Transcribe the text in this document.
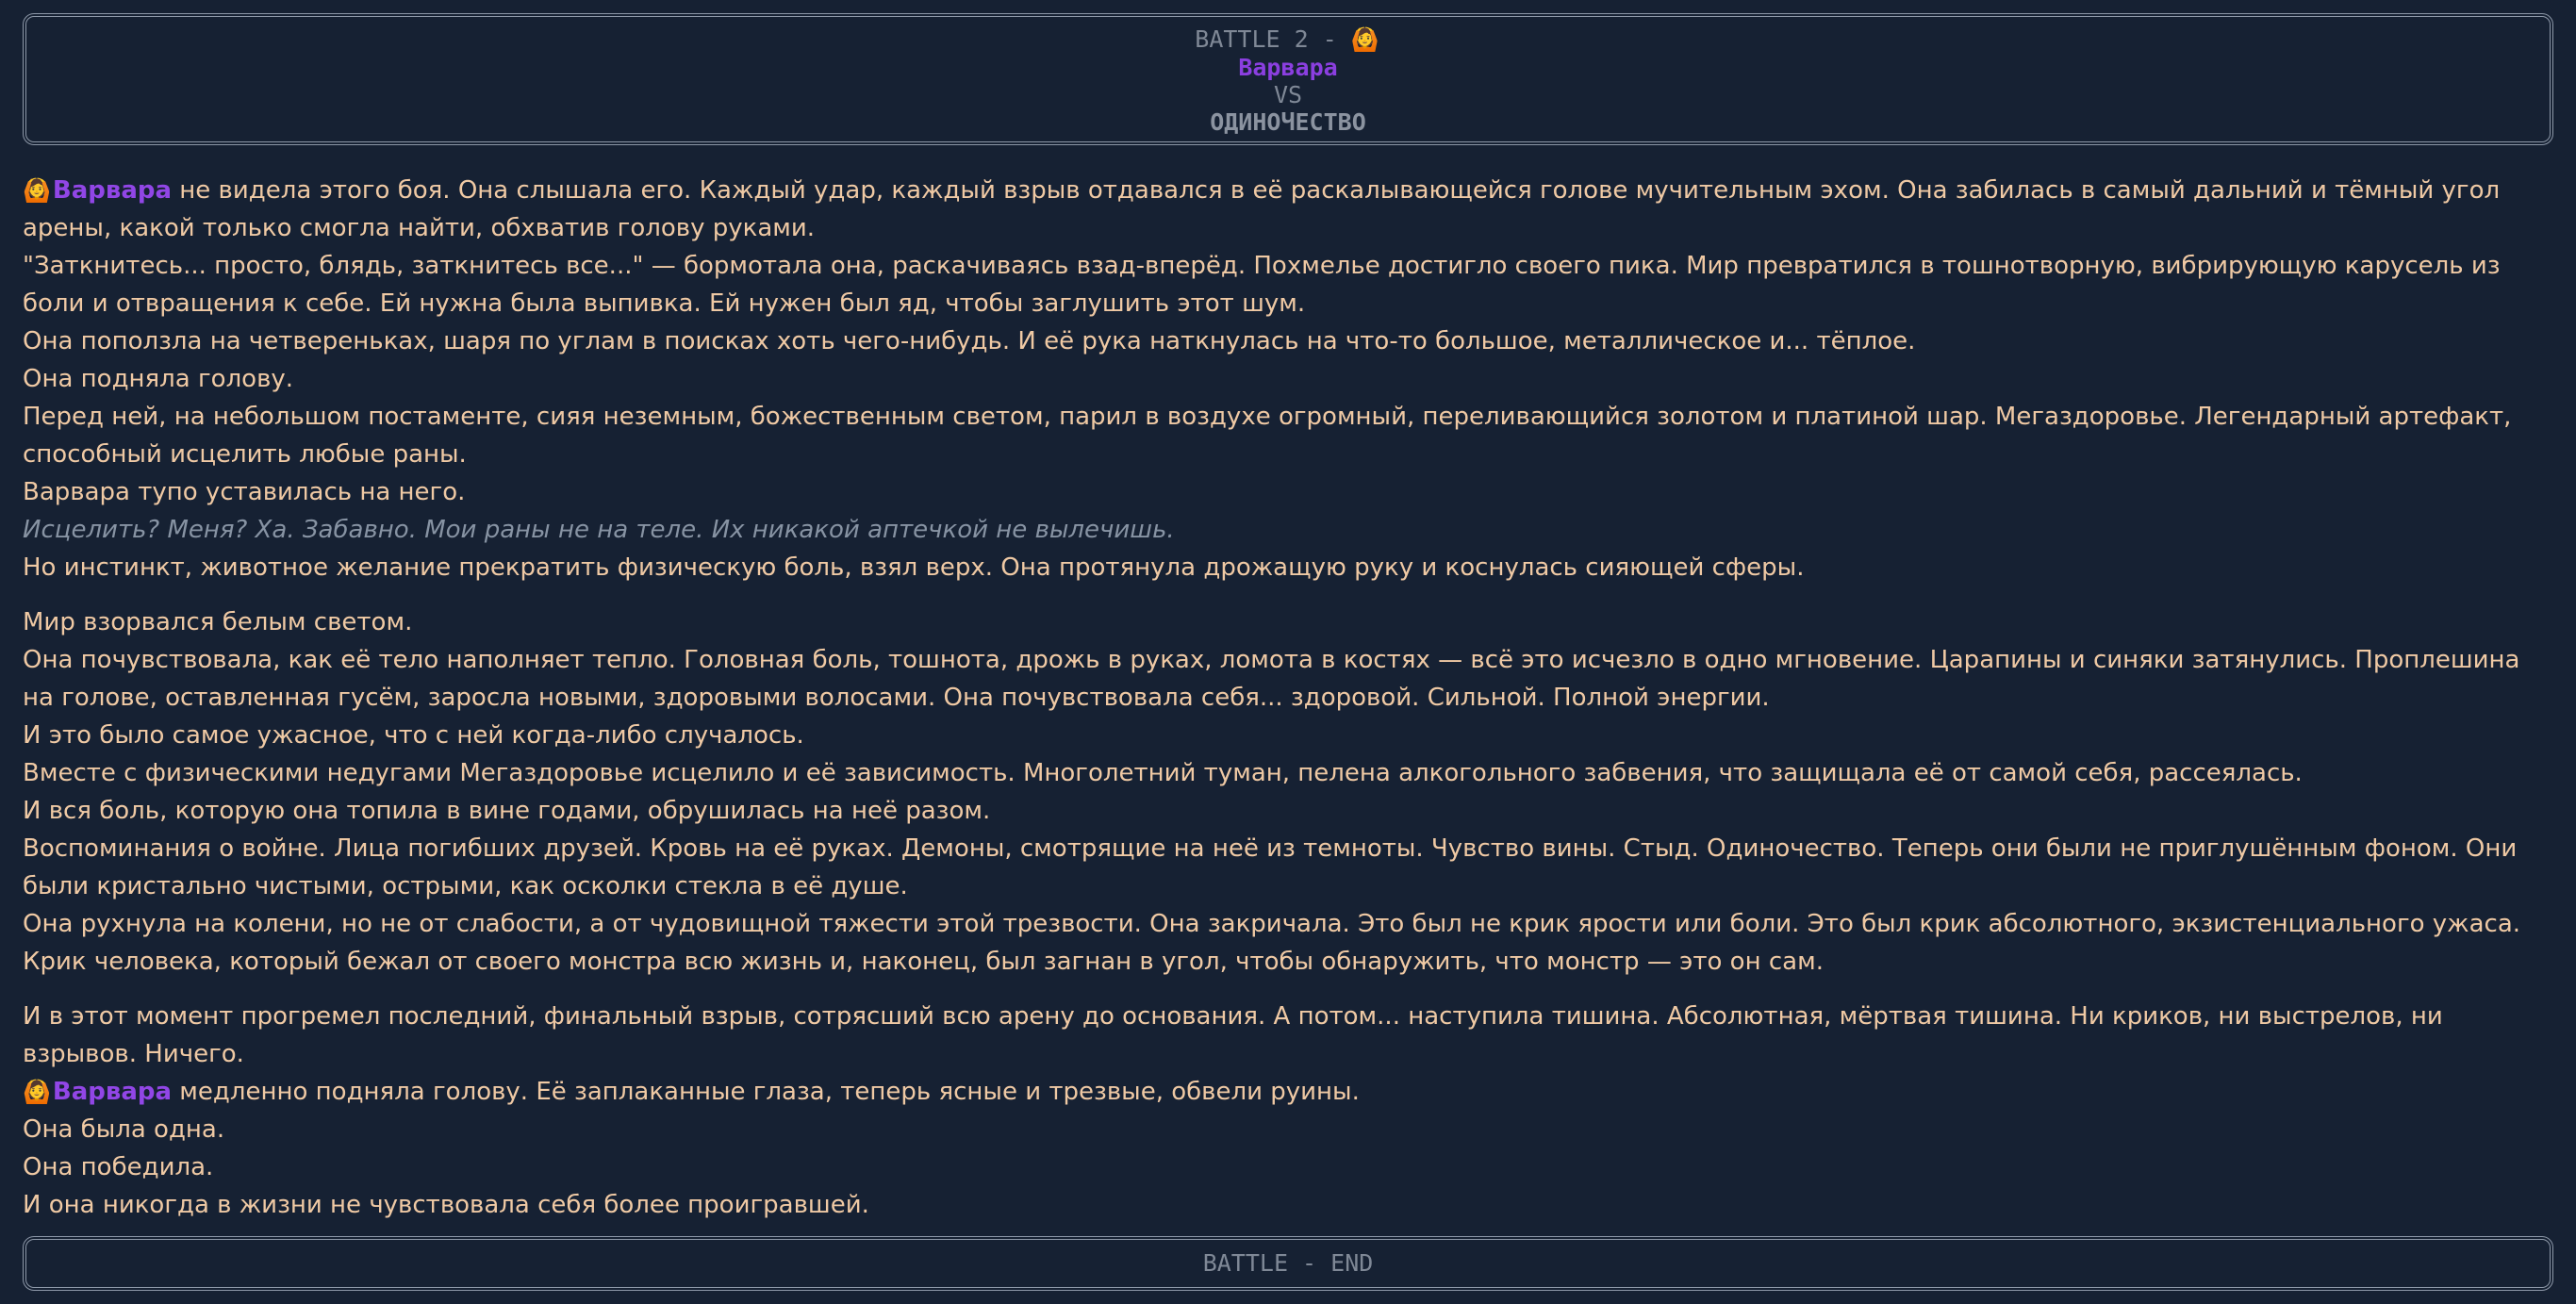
BATTLE 2 - 🙆
Варвара
VS
ОДИНОЧЕСТВО

🙆Варвара не видела этого боя. Она слышала его. Каждый удар, каждый взрыв отдавался в её раскалывающейся голове мучительным эхом. Она забилась в самый дальний и тёмный угол арены, какой только смогла найти, обхватив голову руками.

"Заткнитесь... просто, блядь, заткнитесь все..." — бормотала она, раскачиваясь взад-вперёд. Похмелье достигло своего пика. Мир превратился в тошнотворную, вибрирующую карусель из боли и отвращения к себе. Ей нужна была выпивка. Ей нужен был яд, чтобы заглушить этот шум.

Она поползла на четвереньках, шаря по углам в поисках хоть чего-нибудь. И её рука наткнулась на что-то большое, металлическое и... тёплое.

Она подняла голову.

Перед ней, на небольшом постаменте, сияя неземным, божественным светом, парил в воздухе огромный, переливающийся золотом и платиной шар. Мегаздоровье. Легендарный артефакт, способный исцелить любые раны.

Варвара тупо уставилась на него.

Исцелить? Меня? Ха. Забавно. Мои раны не на теле. Их никакой аптечкой не вылечишь.

Но инстинкт, животное желание прекратить физическую боль, взял верх. Она протянула дрожащую руку и коснулась сияющей сферы.

Мир взорвался белым светом.

Она почувствовала, как её тело наполняет тепло. Головная боль, тошнота, дрожь в руках, ломота в костях — всё это исчезло в одно мгновение. Царапины и синяки затянулись. Проплешина на голове, оставленная гусём, заросла новыми, здоровыми волосами. Она почувствовала себя... здоровой. Сильной. Полной энергии.

И это было самое ужасное, что с ней когда-либо случалось.

Вместе с физическими недугами Мегаздоровье исцелило и её зависимость. Многолетний туман, пелена алкогольного забвения, что защищала её от самой себя, рассеялась.

И вся боль, которую она топила в вине годами, обрушилась на неё разом.

Воспоминания о войне. Лица погибших друзей. Кровь на её руках. Демоны, смотрящие на неё из темноты. Чувство вины. Стыд. Одиночество. Теперь они были не приглушённым фоном. Они были кристально чистыми, острыми, как осколки стекла в её душе.

Она рухнула на колени, но не от слабости, а от чудовищной тяжести этой трезвости. Она закричала. Это был не крик ярости или боли. Это был крик абсолютного, экзистенциального ужаса. Крик человека, который бежал от своего монстра всю жизнь и, наконец, был загнан в угол, чтобы обнаружить, что монстр — это он сам.

И в этот момент прогремел последний, финальный взрыв, сотрясший всю арену до основания. А потом... наступила тишина. Абсолютная, мёртвая тишина. Ни криков, ни выстрелов, ни взрывов. Ничего.

🙆Варвара медленно подняла голову. Её заплаканные глаза, теперь ясные и трезвые, обвели руины.

Она была одна.

Она победила.

И она никогда в жизни не чувствовала себя более проигравшей.

BATTLE - END
